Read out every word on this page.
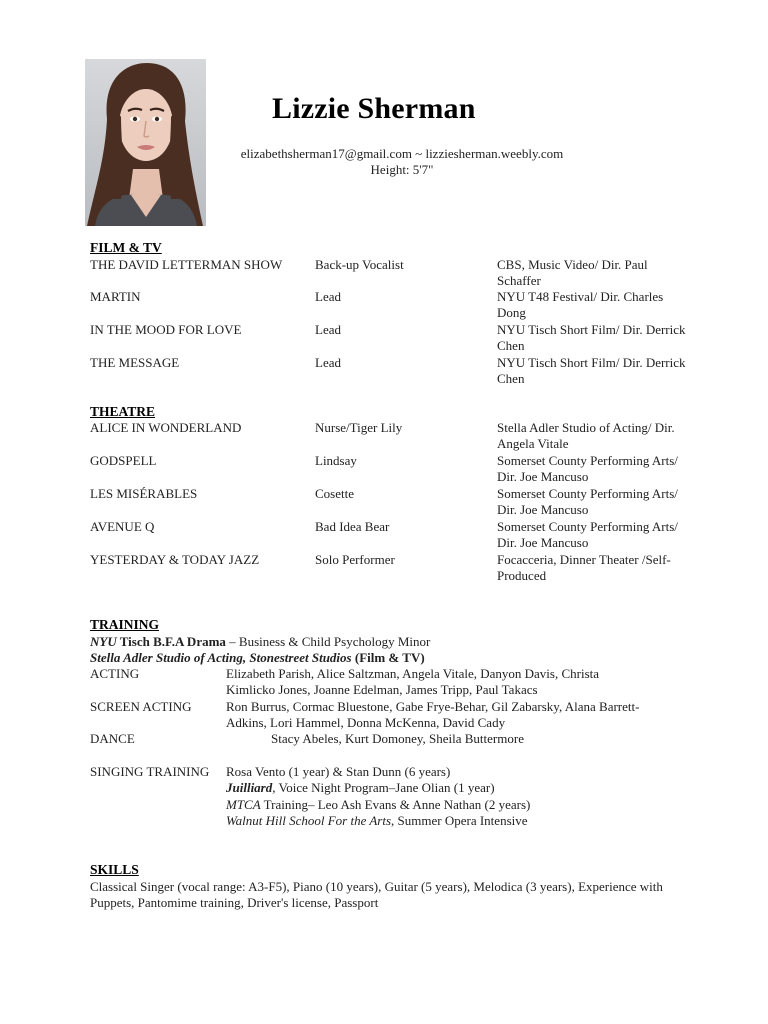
Lizzie Sherman
elizabethsherman17@gmail.com ~ lizziesherman.weebly.com
Height: 5'7"
FILM & TV
THE DAVID LETTERMAN SHOW	Back-up Vocalist	CBS, Music Video/ Dir. Paul Schaffer
MARTIN	Lead	NYU T48 Festival/ Dir. Charles Dong
IN THE MOOD FOR LOVE	Lead	NYU Tisch Short Film/ Dir. Derrick Chen
THE MESSAGE	Lead	NYU Tisch Short Film/ Dir. Derrick Chen
THEATRE
ALICE IN WONDERLAND	Nurse/Tiger Lily	Stella Adler Studio of Acting/ Dir. Angela Vitale
GODSPELL	Lindsay	Somerset County Performing Arts/ Dir. Joe Mancuso
LES MISÉRABLES	Cosette	Somerset County Performing Arts/ Dir. Joe Mancuso
AVENUE Q	Bad Idea Bear	Somerset County Performing Arts/ Dir. Joe Mancuso
YESTERDAY & TODAY JAZZ	Solo Performer	Focacceria, Dinner Theater /Self-Produced
TRAINING
NYU Tisch B.F.A Drama – Business & Child Psychology Minor
Stella Adler Studio of Acting, Stonestreet Studios (Film & TV)
ACTING	Elizabeth Parish, Alice Saltzman, Angela Vitale, Danyon Davis, Christa Kimlicko Jones, Joanne Edelman, James Tripp, Paul Takacs
SCREEN ACTING	Ron Burrus, Cormac Bluestone, Gabe Frye-Behar, Gil Zabarsky, Alana Barrett-Adkins, Lori Hammel, Donna McKenna, David Cady
DANCE	Stacy Abeles, Kurt Domoney, Sheila Buttermore
SINGING TRAINING Rosa Vento (1 year) & Stan Dunn (6 years)
Juilliard, Voice Night Program–Jane Olian (1 year)
MTCA Training– Leo Ash Evans & Anne Nathan (2 years)
Walnut Hill School For the Arts, Summer Opera Intensive
SKILLS
Classical Singer (vocal range: A3-F5), Piano (10 years), Guitar (5 years), Melodica (3 years), Experience with Puppets, Pantomime training, Driver's license, Passport
